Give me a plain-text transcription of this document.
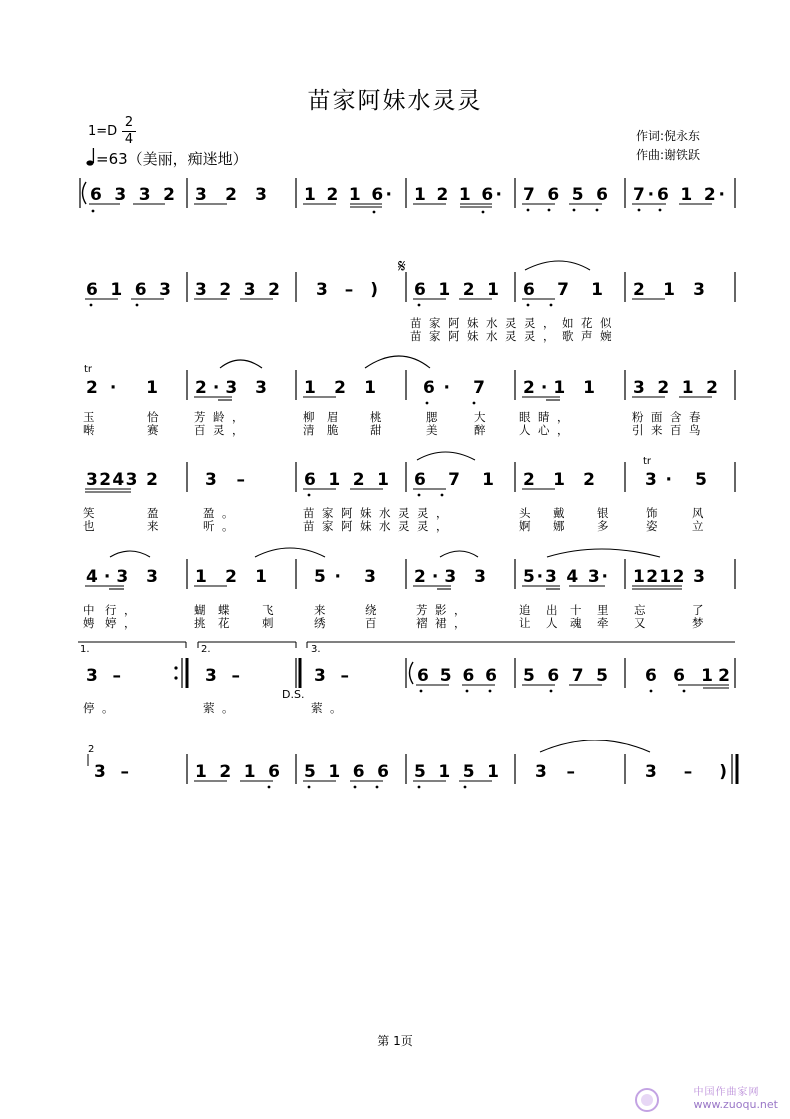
苗家阿妹水灵灵
1=D
2
4
=63（美丽，痴迷地）
作词:倪永东
作曲:谢铁跃
6 3 3 2 3 2 3 1 2 1 6· 1 2 1 6· 7 6 5 6 7·6 1 2·
𝄋
6 1 6 3 3 2 3 2 3 – ) 6 1 2 1 6 7 1 2 1 3
苗家阿妹水灵灵，如花似
苗家阿妹水灵灵，歌声婉
tr
2· 1 2·3 3 1 2 1	6· 7 2·1 1 3 2 1 2
玉	恰 芳龄，	柳 眉 桃	腮	大 眼睛，	粉面含春
啭	赛 百灵，	清 脆 甜	美	醉 人心，	引来百鸟
3243 2	3 –	6 1 2 1 6 7 1 2 1 2	3· 5
tr
笑	盈	盈。	苗家阿妹水灵灵，	头 戴 银	饰 风
也	来	听。	苗家阿妹水灵灵，	婀 娜 多	姿 立
4·3 3 1 2 1	5· 3 2·3 3 5·3 4 3· 1212 3
中 行，	蝴 蝶 飞	来	绕	芳影，	追 出 十 里 忘	了
娉 婷，	挑 花 刺	绣	百	褶裙，	让 人 魂 牵 又	梦
1.	2.	3.
3 –	3 –	3 –	6 5 6 6 5 6 7 5 6 6 12
D.S.
停。	萦。	萦。
2
3 –	1 2 1 6 5 1 6 6 5 1 5 1 3 –	3 – )
第 1页
中国作曲家网
www.zuoqu.net
